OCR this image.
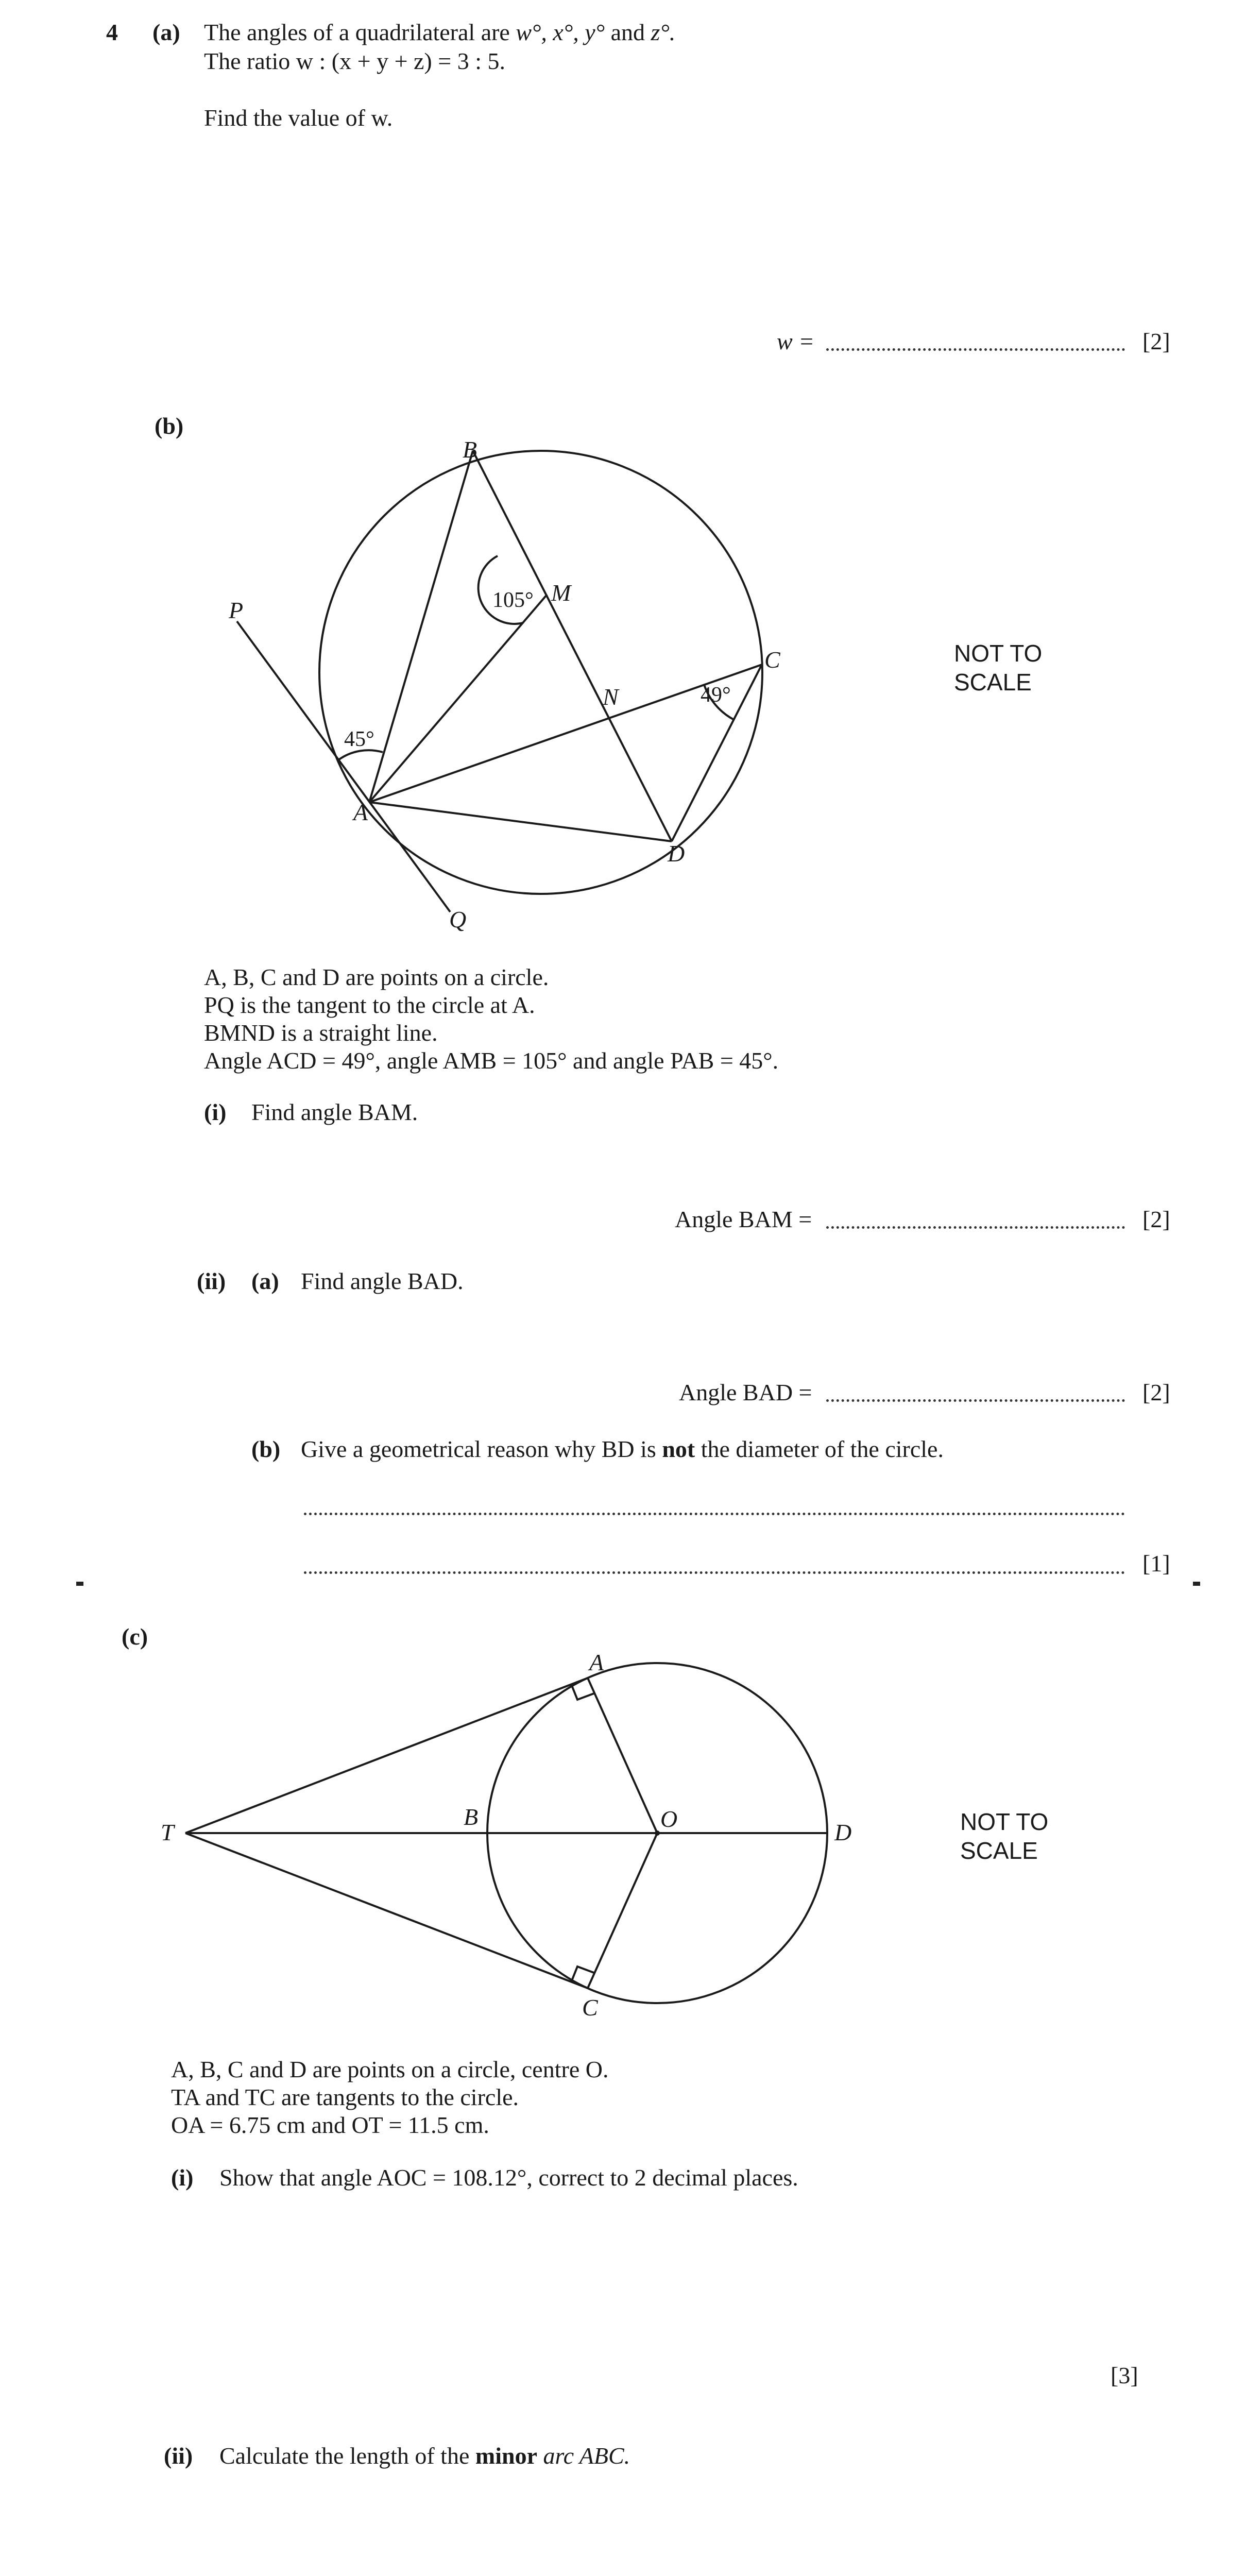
4 (a) The angles of a quadrilateral are w°, x°, y° and z°.
The ratio w : (x + y + z) = 3 : 5.
Find the value of w.
w =	[2]
(b)
B
M
P
C
N
A
D
Q
105°
45°
49°
NOT TO
SCALE
A, B, C and D are points on a circle.
PQ is the tangent to the circle at A.
BMND is a straight line.
Angle ACD = 49°, angle AMB = 105° and angle PAB = 45°.
(i) Find angle BAM.
Angle BAM =	[2]
(ii) (a) Find angle BAD.
Angle BAD =	[2]
(b) Give a geometrical reason why BD is not the diameter of the circle.
[1]
(c)
A
T
B	O
D
C
NOT TO
SCALE
A, B, C and D are points on a circle, centre O.
TA and TC are tangents to the circle.
OA = 6.75 cm and OT = 11.5 cm.
(i) Show that angle AOC = 108.12°, correct to 2 decimal places.
[3]
(ii) Calculate the length of the minor arc ABC.
